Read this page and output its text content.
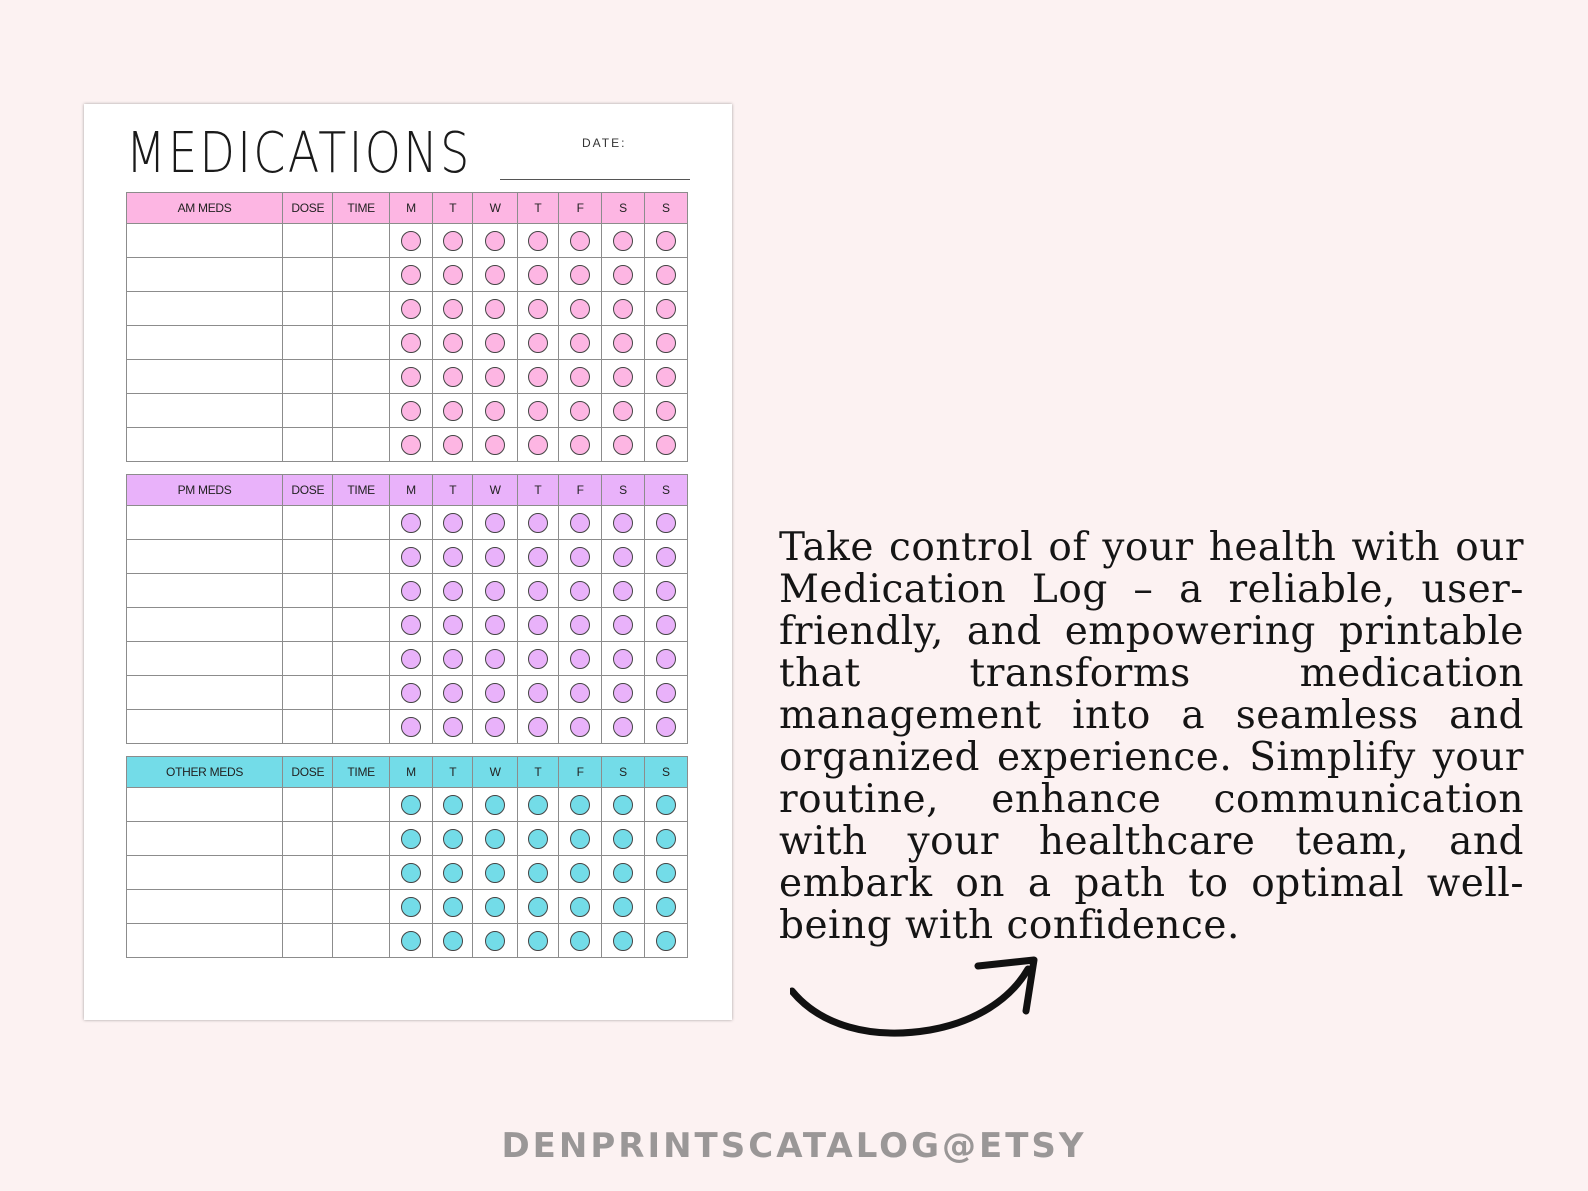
MEDICATIONS	DATE:
AM MEDS	DOSE	TIME	M	T	W	T	F	S	S

PM MEDS	DOSE	TIME	M	T	W	T	F	S	S

OTHER MEDS	DOSE	TIME	M	T	W	T	F	S	S

Take control of your health with our Medication Log – a reliable, user-friendly, and empowering printable that transforms medication management into a seamless and organized experience. Simplify your routine, enhance communication with your healthcare team, and embark on a path to optimal well-being with confidence.

DENPRINTSCATALOG@ETSY
